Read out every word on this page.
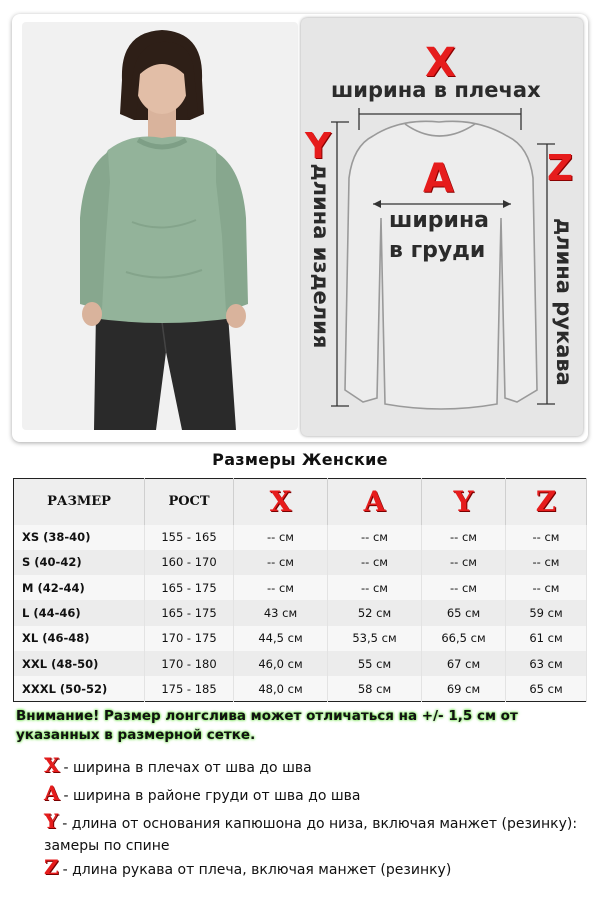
X
ширина в плечах
A
ширина
в груди
Y
длина изделия	Z
длина рукава
Размеры Женские
РАЗМЕР	РОСТ	X	A	Y	Z
XS (38-40)	155 - 165	-- см	-- см	-- см	-- см
S (40-42)	160 - 170	-- см	-- см	-- см	-- см
M (42-44)	165 - 175	-- см	-- см	-- см	-- см
L (44-46)	165 - 175	43 см	52 см	65 см	59 см
XL (46-48)	170 - 175	44,5 см	53,5 см	66,5 см	61 см
XXL (48-50)	170 - 180	46,0 см	55 см	67 см	63 см
XXXL (50-52)	175 - 185	48,0 см	58 см	69 см	65 см
Внимание! Размер лонгслива может отличаться на +/- 1,5 см от указанных в размерной сетке.
X - ширина в плечах от шва до шва
A - ширина в районе груди от шва до шва
Y - длина от основания капюшона до низа, включая манжет (резинку): замеры по спине
Z - длина рукава от плеча, включая манжет (резинку)
